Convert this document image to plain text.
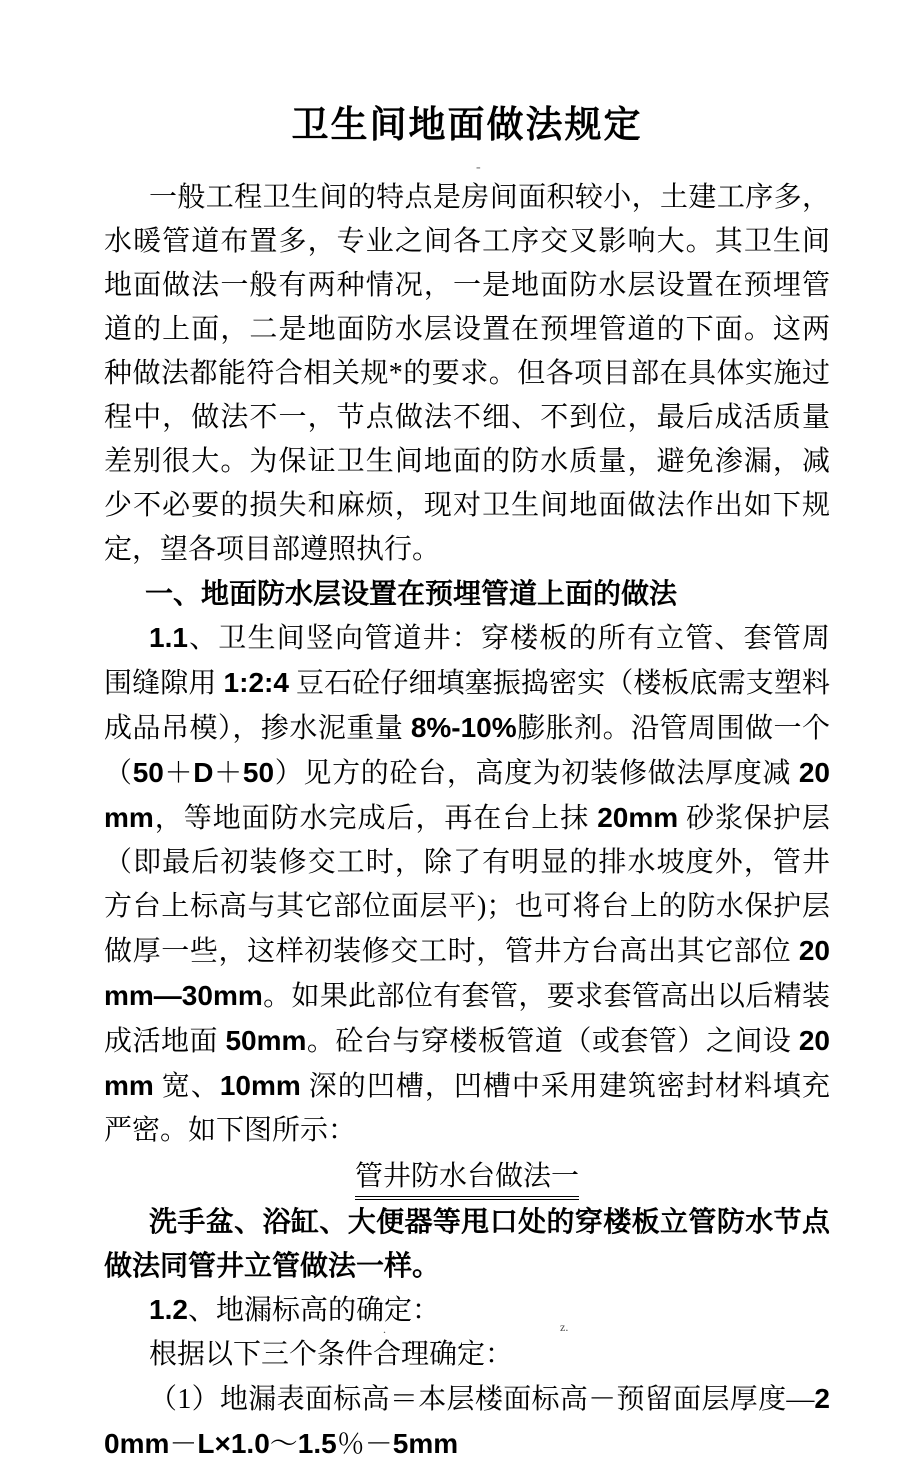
-
卫生间地面做法规定

一般工程卫生间的特点是房间面积较小，土建工序多，水暖管道布置多，专业之间各工序交叉影响大。其卫生间地面做法一般有两种情况，一是地面防水层设置在预埋管道的上面，二是地面防水层设置在预埋管道的下面。这两种做法都能符合相关规*的要求。但各项目部在具体实施过程中，做法不一，节点做法不细、不到位，最后成活质量差别很大。为保证卫生间地面的防水质量，避免渗漏，减少不必要的损失和麻烦，现对卫生间地面做法作出如下规定，望各项目部遵照执行。

一、地面防水层设置在预埋管道上面的做法

1.1、卫生间竖向管道井：穿楼板的所有立管、套管周围缝隙用 1:2:4 豆石砼仔细填塞振捣密实（楼板底需支塑料成品吊模），掺水泥重量 8%-10%膨胀剂。沿管周围做一个（50＋D＋50）见方的砼台，高度为初装修做法厚度减 20mm，等地面防水完成后，再在台上抹 20mm 砂浆保护层（即最后初装修交工时，除了有明显的排水坡度外，管井方台上标高与其它部位面层平)；也可将台上的防水保护层做厚一些，这样初装修交工时，管井方台高出其它部位 20mm—30mm。如果此部位有套管，要求套管高出以后精装成活地面 50mm。砼台与穿楼板管道（或套管）之间设 20mm 宽、10mm 深的凹槽，凹槽中采用建筑密封材料填充严密。如下图所示：

管井防水台做法一

洗手盆、浴缸、大便器等甩口处的穿楼板立管防水节点做法同管井立管做法一样。

1.2、地漏标高的确定：

根据以下三个条件合理确定：

（1）地漏表面标高＝本层楼面标高－预留面层厚度—20mm－L×1.0～1.5％－5mm

.	z.
